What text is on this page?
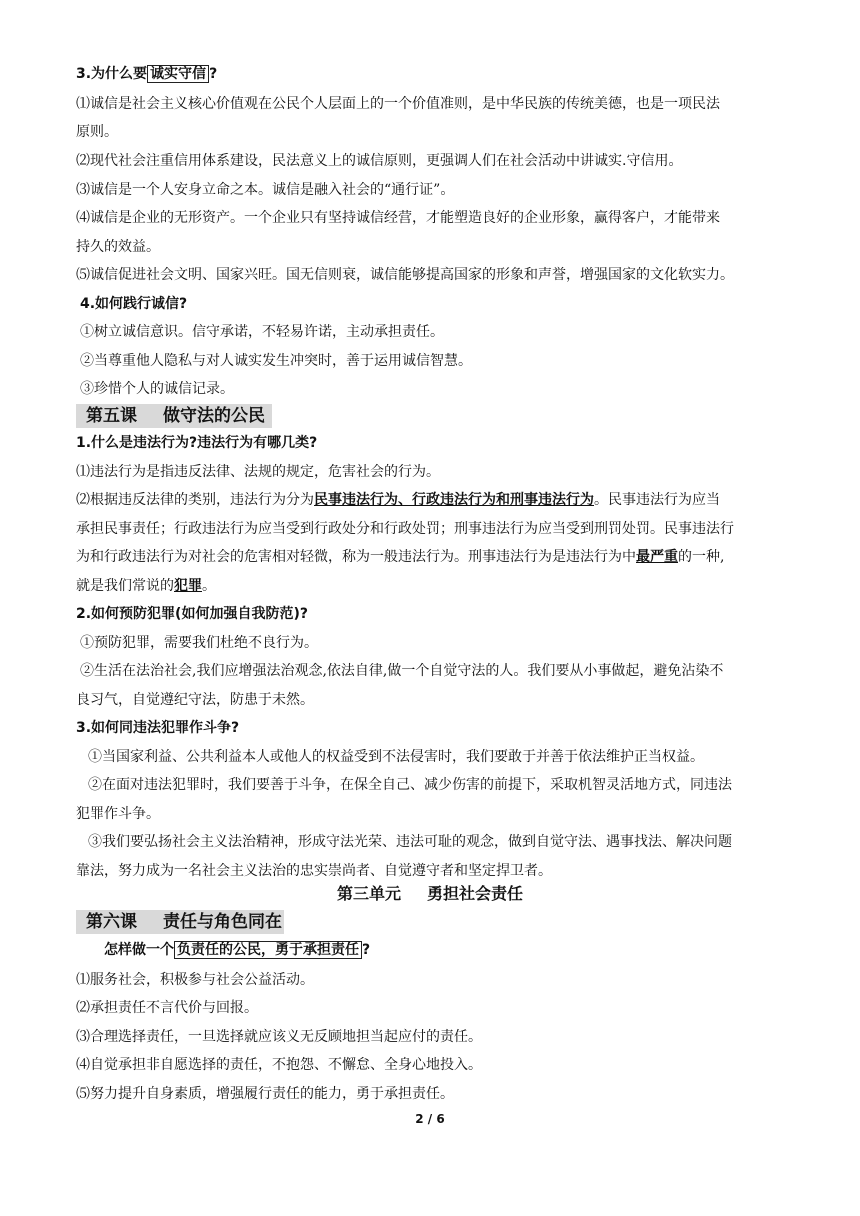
3.为什么要 诚实守信 ?
⑴诚信是社会主义核心价值观在公民个人层面上的一个价值准则，是中华民族的传统美德，也是一项民法
原则。
⑵现代社会注重信用体系建设，民法意义上的诚信原则，更强调人们在社会活动中讲诚实.守信用。
⑶诚信是一个人安身立命之本。诚信是融入社会的“通行证”。
⑷诚信是企业的无形资产。一个企业只有坚持诚信经营，才能塑造良好的企业形象，赢得客户，才能带来
持久的效益。
⑸诚信促进社会文明、国家兴旺。国无信则衰，诚信能够提高国家的形象和声誉，增强国家的文化软实力。
4.如何践行诚信?
①树立诚信意识。信守承诺，不轻易许诺，主动承担责任。
②当尊重他人隐私与对人诚实发生冲突时，善于运用诚信智慧。
③珍惜个人的诚信记录。
第五课 做守法的公民
1.什么是违法行为?违法行为有哪几类?
⑴违法行为是指违反法律、法规的规定，危害社会的行为。
⑵根据违反法律的类别，违法行为分为民事违法行为、行政违法行为和刑事违法行为。民事违法行为应当
承担民事责任；行政违法行为应当受到行政处分和行政处罚；刑事违法行为应当受到刑罚处罚。民事违法行
为和行政违法行为对社会的危害相对轻微，称为一般违法行为。刑事违法行为是违法行为中最严重的一种,
就是我们常说的犯罪。
2.如何预防犯罪(如何加强自我防范)?
①预防犯罪，需要我们杜绝不良行为。
②生活在法治社会,我们应增强法治观念,依法自律,做一个自觉守法的人。我们要从小事做起，避免沾染不
良习气，自觉遵纪守法，防患于未然。
3.如何同违法犯罪作斗争?
①当国家利益、公共利益本人或他人的权益受到不法侵害时，我们要敢于并善于依法维护正当权益。
②在面对违法犯罪时，我们要善于斗争，在保全自己、减少伤害的前提下，采取机智灵活地方式，同违法
犯罪作斗争。
③我们要弘扬社会主义法治精神，形成守法光荣、违法可耻的观念，做到自觉守法、遇事找法、解决问题
靠法，努力成为一名社会主义法治的忠实崇尚者、自觉遵守者和坚定捍卫者。
第三单元 勇担社会责任
第六课 责任与角色同在
怎样做一个 负责任的公民，勇于承担责任 ?
⑴服务社会，积极参与社会公益活动。
⑵承担责任不言代价与回报。
⑶合理选择责任，一旦选择就应该义无反顾地担当起应付的责任。
⑷自觉承担非自愿选择的责任，不抱怨、不懈怠、全身心地投入。
⑸努力提升自身素质，增强履行责任的能力，勇于承担责任。
2 / 6
